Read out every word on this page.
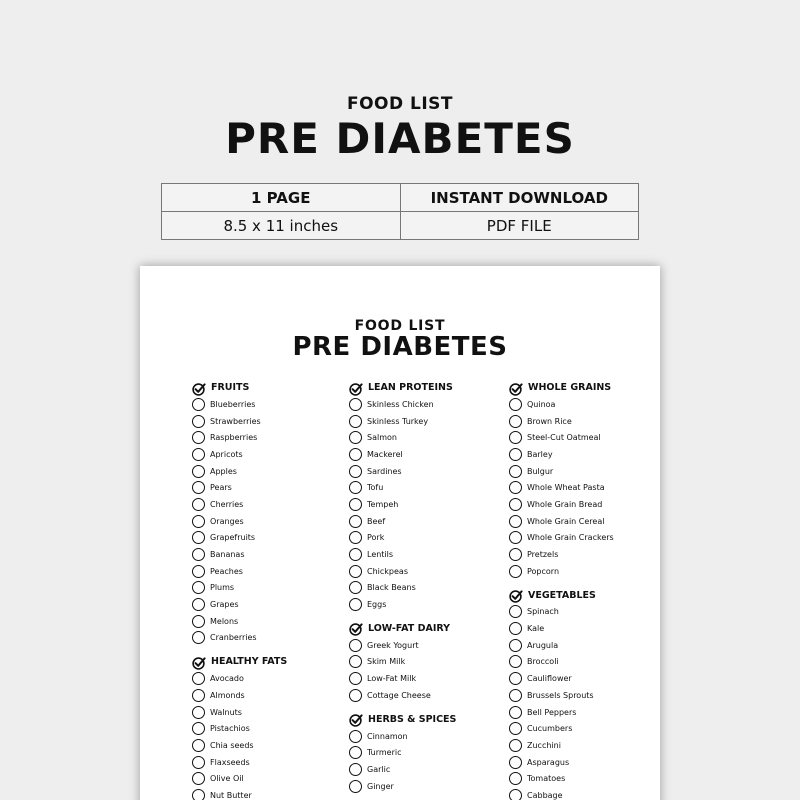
FOOD LIST
PRE DIABETES
1 PAGE	INSTANT DOWNLOAD
8.5 x 11 inches	PDF FILE
FOOD LIST
PRE DIABETES
FRUITS
Blueberries
Strawberries
Raspberries
Apricots
Apples
Pears
Cherries
Oranges
Grapefruits
Bananas
Peaches
Plums
Grapes
Melons
Cranberries
HEALTHY FATS
Avocado
Almonds
Walnuts
Pistachios
Chia seeds
Flaxseeds
Olive Oil
Nut Butter
LEAN PROTEINS
Skinless Chicken
Skinless Turkey
Salmon
Mackerel
Sardines
Tofu
Tempeh
Beef
Pork
Lentils
Chickpeas
Black Beans
Eggs
LOW-FAT DAIRY
Greek Yogurt
Skim Milk
Low-Fat Milk
Cottage Cheese
HERBS & SPICES
Cinnamon
Turmeric
Garlic
Ginger
WHOLE GRAINS
Quinoa
Brown Rice
Steel-Cut Oatmeal
Barley
Bulgur
Whole Wheat Pasta
Whole Grain Bread
Whole Grain Cereal
Whole Grain Crackers
Pretzels
Popcorn
VEGETABLES
Spinach
Kale
Arugula
Broccoli
Cauliflower
Brussels Sprouts
Bell Peppers
Cucumbers
Zucchini
Asparagus
Tomatoes
Cabbage
